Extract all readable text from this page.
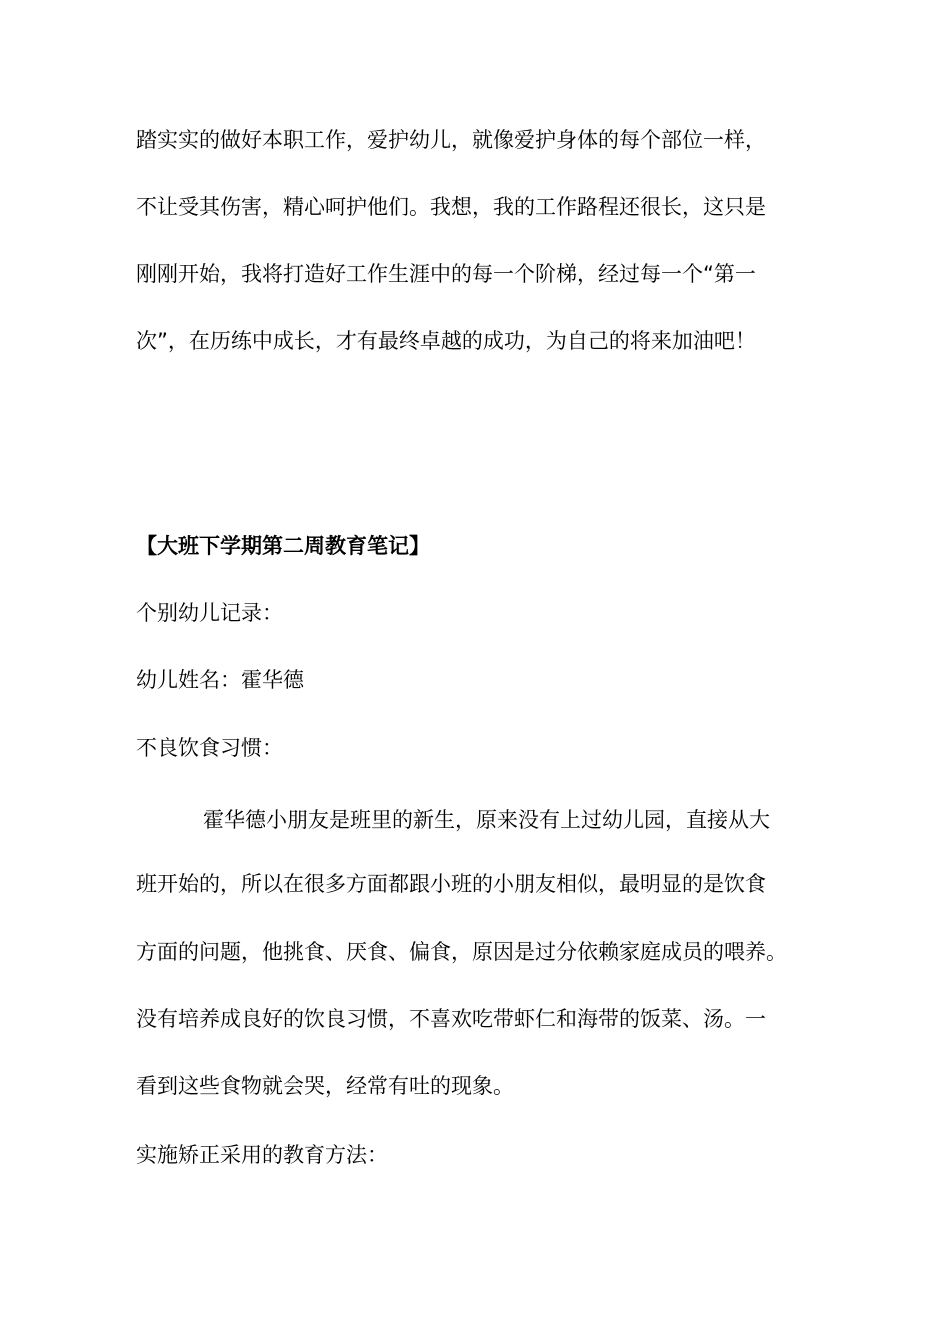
踏实实的做好本职工作，爱护幼儿，就像爱护身体的每个部位一样，

不让受其伤害，精心呵护他们。我想，我的工作路程还很长，这只是

刚刚开始，我将打造好工作生涯中的每一个阶梯，经过每一个“第一

次”，在历练中成长，才有最终卓越的成功，为自己的将来加油吧！

【大班下学期第二周教育笔记】

个别幼儿记录：

幼儿姓名：霍华德

不良饮食习惯：

霍华德小朋友是班里的新生，原来没有上过幼儿园，直接从大

班开始的，所以在很多方面都跟小班的小朋友相似，最明显的是饮食

方面的问题，他挑食、厌食、偏食，原因是过分依赖家庭成员的喂养。

没有培养成良好的饮良习惯，不喜欢吃带虾仁和海带的饭菜、汤。一

看到这些食物就会哭，经常有吐的现象。

实施矫正采用的教育方法：
